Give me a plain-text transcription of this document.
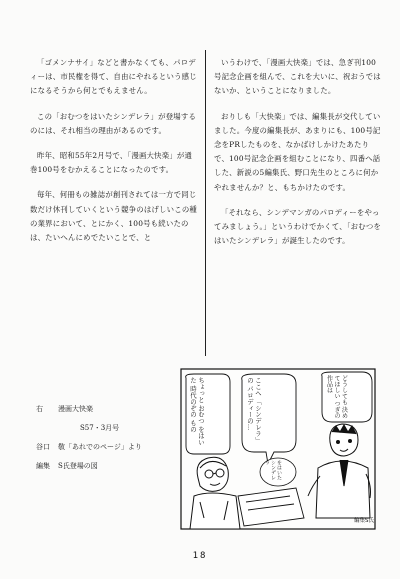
「ゴメンナサイ」などと書かなくても、パロディーは、市民権を得て、自由にやれるという感じになるそうから何とでもえません。

この「おむつをはいたシンデレラ」が登場するのには、それ相当の理由があるのです。

昨年、昭和55年2月号で、「漫画大快楽」が通巻100号をむかえることになったのです。

毎年、何冊もの雑誌が創刊されては一方で同じ数だけ休刊していくという競争のはげしいこの種の業界において、とにかく、100号も続いたのは、たいへんにめでたいことで、と

いうわけで、「漫画大快楽」では、急ぎ刊100号記念企画を組んで、これを大いに、祝おうではないか、ということになりました。

おりしも「大快楽」では、編集長が交代していました。今度の編集長が、あまりにも、100号記念をPRしたものを、なかばけしかけたあたりで、100号記念企画を組むことになり、四番へ話した、新説の5編集氏、野口先生のところに何かやれませんか？と、もちかけたのです。

「それなら、シンデマンガのパロディーをやってみましょう。」というわけでかくて、「おむつをはいたシンデレラ」が誕生したのです。

右	漫画大快楽
S57・3月号
谷口	敬「あれでのページ」より
編集	S氏登場の図
ちょっと おむつ をはいた 時代のぞの もの	ここへ 「シンデレラ」の パロディーの…
をはいた シンデレラ
どうしても 決めてほしい つぎの 作品は
編集S氏
18
